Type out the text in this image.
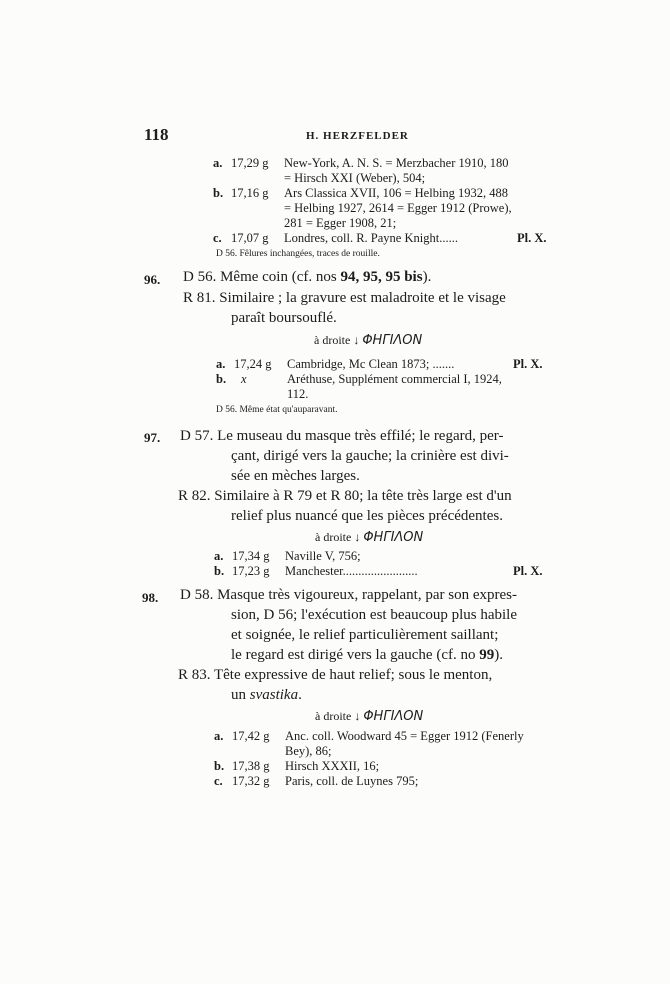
118	H. HERZFELDER
a. 17,29 g New-York, A. N. S. = Merzbacher 1910, 180
= Hirsch XXI (Weber), 504;
b. 17,16 g Ars Classica XVII, 106 = Helbing 1932, 488
= Helbing 1927, 2614 = Egger 1912 (Prowe),
281 = Egger 1908, 21;
c. 17,07 g Londres, coll. R. Payne Knight......	Pl. X.
D 56. Fêlures inchangées, traces de rouille.
96. D 56. Même coin (cf. nos 94, 95, 95 bis).
R 81. Similaire ; la gravure est maladroite et le visage
paraît boursouflé.
à droite ↓ ΦΗΓΙΛΟΝ
a. 17,24 g Cambridge, Mc Clean 1873; .......	Pl. X.
b. x	Aréthuse, Supplément commercial I, 1924,
112.
D 56. Même état qu'auparavant.
97. D 57. Le museau du masque très effilé; le regard, per-
çant, dirigé vers la gauche; la crinière est divi-
sée en mèches larges.
R 82. Similaire à R 79 et R 80; la tête très large est d'un
relief plus nuancé que les pièces précédentes.
à droite ↓ ΦΗΓΙΛΟΝ
a. 17,34 g Naville V, 756;
b. 17,23 g Manchester........................	Pl. X.
98. D 58. Masque très vigoureux, rappelant, par son expres-
sion, D 56; l'exécution est beaucoup plus habile
et soignée, le relief particulièrement saillant;
le regard est dirigé vers la gauche (cf. no 99).
R 83. Tête expressive de haut relief; sous le menton,
un svastika.
à droite ↓ ΦΗΓΙΛΟΝ
a. 17,42 g Anc. coll. Woodward 45 = Egger 1912 (Fenerly
Bey), 86;
b. 17,38 g Hirsch XXXII, 16;
c. 17,32 g Paris, coll. de Luynes 795;
